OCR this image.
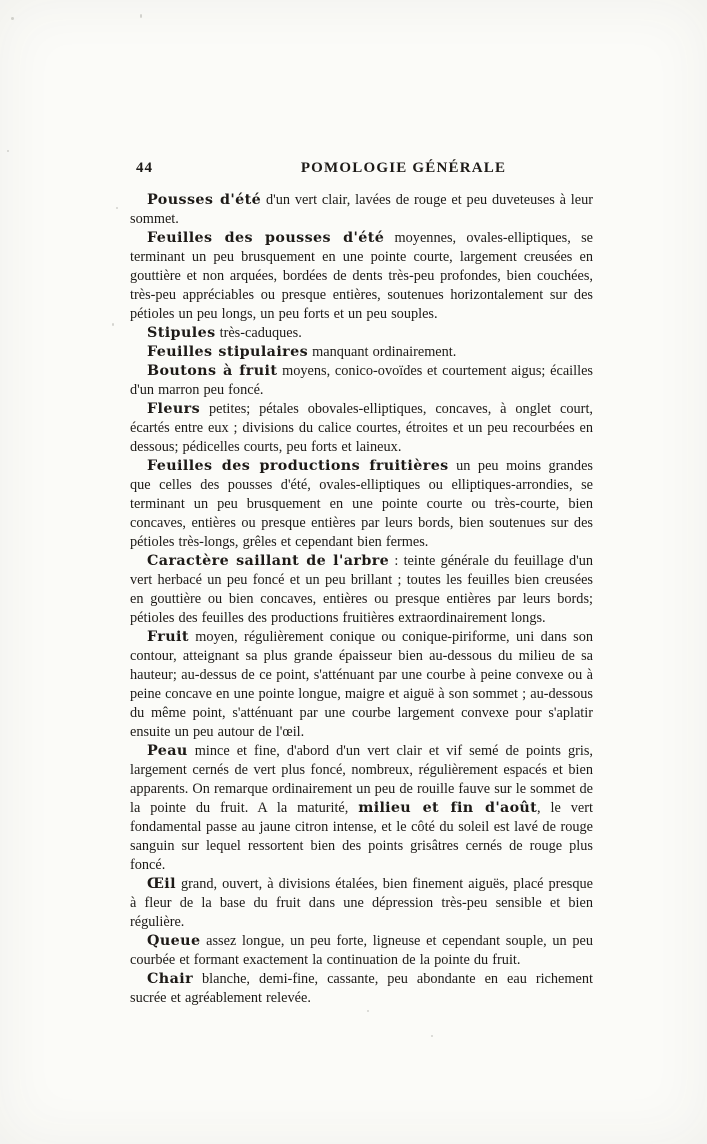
44	POMOLOGIE GÉNÉRALE

Pousses d'été d'un vert clair, lavées de rouge et peu duveteuses à leur sommet.

Feuilles des pousses d'été moyennes, ovales-elliptiques, se terminant un peu brusquement en une pointe courte, largement creusées en gouttière et non arquées, bordées de dents très-peu profondes, bien couchées, très-peu appréciables ou presque entières, soutenues horizontalement sur des pétioles un peu longs, un peu forts et un peu souples.

Stipules très-caduques.

Feuilles stipulaires manquant ordinairement.

Boutons à fruit moyens, conico-ovoïdes et courtement aigus; écailles d'un marron peu foncé.

Fleurs petites; pétales obovales-elliptiques, concaves, à onglet court, écartés entre eux ; divisions du calice courtes, étroites et un peu recourbées en dessous; pédicelles courts, peu forts et laineux.

Feuilles des productions fruitières un peu moins grandes que celles des pousses d'été, ovales-elliptiques ou elliptiques-arrondies, se terminant un peu brusquement en une pointe courte ou très-courte, bien concaves, entières ou presque entières par leurs bords, bien soutenues sur des pétioles très-longs, grêles et cependant bien fermes.

Caractère saillant de l'arbre : teinte générale du feuillage d'un vert herbacé un peu foncé et un peu brillant ; toutes les feuilles bien creusées en gouttière ou bien concaves, entières ou presque entières par leurs bords; pétioles des feuilles des productions fruitières extraordinairement longs.

Fruit moyen, régulièrement conique ou conique-piriforme, uni dans son contour, atteignant sa plus grande épaisseur bien au-dessous du milieu de sa hauteur; au-dessus de ce point, s'atténuant par une courbe à peine convexe ou à peine concave en une pointe longue, maigre et aiguë à son sommet ; au-dessous du même point, s'atténuant par une courbe largement convexe pour s'aplatir ensuite un peu autour de l'œil.

Peau mince et fine, d'abord d'un vert clair et vif semé de points gris, largement cernés de vert plus foncé, nombreux, régulièrement espacés et bien apparents. On remarque ordinairement un peu de rouille fauve sur le sommet de la pointe du fruit. A la maturité, milieu et fin d'août, le vert fondamental passe au jaune citron intense, et le côté du soleil est lavé de rouge sanguin sur lequel ressortent bien des points grisâtres cernés de rouge plus foncé.

Œil grand, ouvert, à divisions étalées, bien finement aiguës, placé presque à fleur de la base du fruit dans une dépression très-peu sensible et bien régulière.

Queue assez longue, un peu forte, ligneuse et cependant souple, un peu courbée et formant exactement la continuation de la pointe du fruit.

Chair blanche, demi-fine, cassante, peu abondante en eau richement sucrée et agréablement relevée.
